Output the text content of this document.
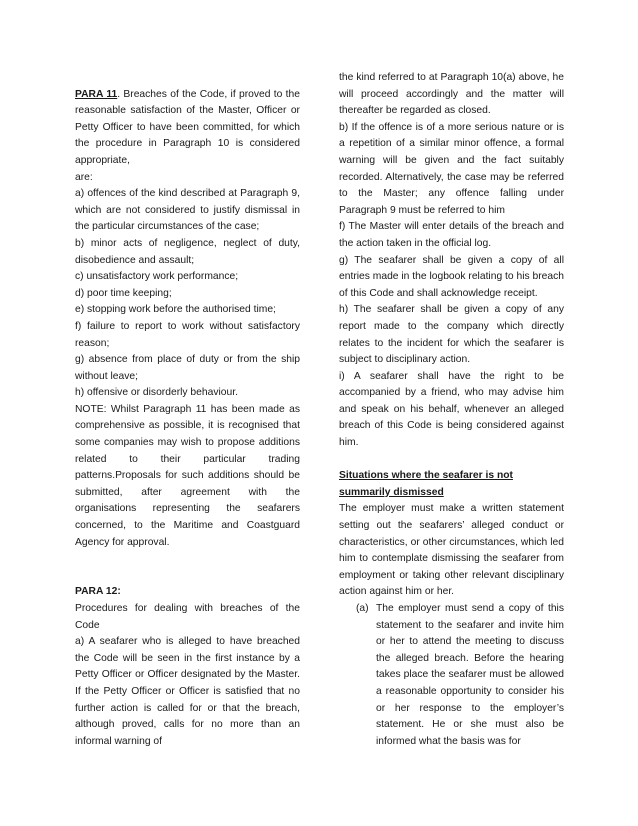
PARA 11. Breaches of the Code, if proved to the reasonable satisfaction of the Master, Officer or Petty Officer to have been committed, for which the procedure in Paragraph 10 is considered appropriate,

are:

a) offences of the kind described at Paragraph 9, which are not considered to justify dismissal in the particular circumstances of the case;

b) minor acts of negligence, neglect of duty, disobedience and assault;

c) unsatisfactory work performance;

d) poor time keeping;

e) stopping work before the authorised time;

f) failure to report to work without satisfactory reason;

g) absence from place of duty or from the ship without leave;

h) offensive or disorderly behaviour.

NOTE: Whilst Paragraph 11 has been made as comprehensive as possible, it is recognised that some companies may wish to propose additions related to their particular trading patterns.Proposals for such additions should be submitted, after agreement with the organisations representing the seafarers concerned, to the Maritime and Coastguard Agency for approval.

PARA 12:

Procedures for dealing with breaches of the Code

a) A seafarer who is alleged to have breached the Code will be seen in the first instance by a Petty Officer or Officer designated by the Master. If the Petty Officer or Officer is satisfied that no further action is called for or that the breach, although proved, calls for no more than an informal warning of

the kind referred to at Paragraph 10(a) above, he will proceed accordingly and the matter will thereafter be regarded as closed.

b) If the offence is of a more serious nature or is a repetition of a similar minor offence, a formal warning will be given and the fact suitably recorded. Alternatively, the case may be referred to the Master; any offence falling under Paragraph 9 must be referred to him

f) The Master will enter details of the breach and the action taken in the official log.

g) The seafarer shall be given a copy of all entries made in the logbook relating to his breach of this Code and shall acknowledge receipt.

h) The seafarer shall be given a copy of any report made to the company which directly relates to the incident for which the seafarer is subject to disciplinary action.

i) A seafarer shall have the right to be accompanied by a friend, who may advise him and speak on his behalf, whenever an alleged breach of this Code is being considered against him.

Situations where the seafarer is not summarily dismissed

The employer must make a written statement setting out the seafarers’ alleged conduct or characteristics, or other circumstances, which led him to contemplate dismissing the seafarer from employment or taking other relevant disciplinary action against him or her.

(a) The employer must send a copy of this statement to the seafarer and invite him or her to attend the meeting to discuss the alleged breach. Before the hearing takes place the seafarer must be allowed a reasonable opportunity to consider his or her response to the employer’s statement. He or she must also be informed what the basis was for
